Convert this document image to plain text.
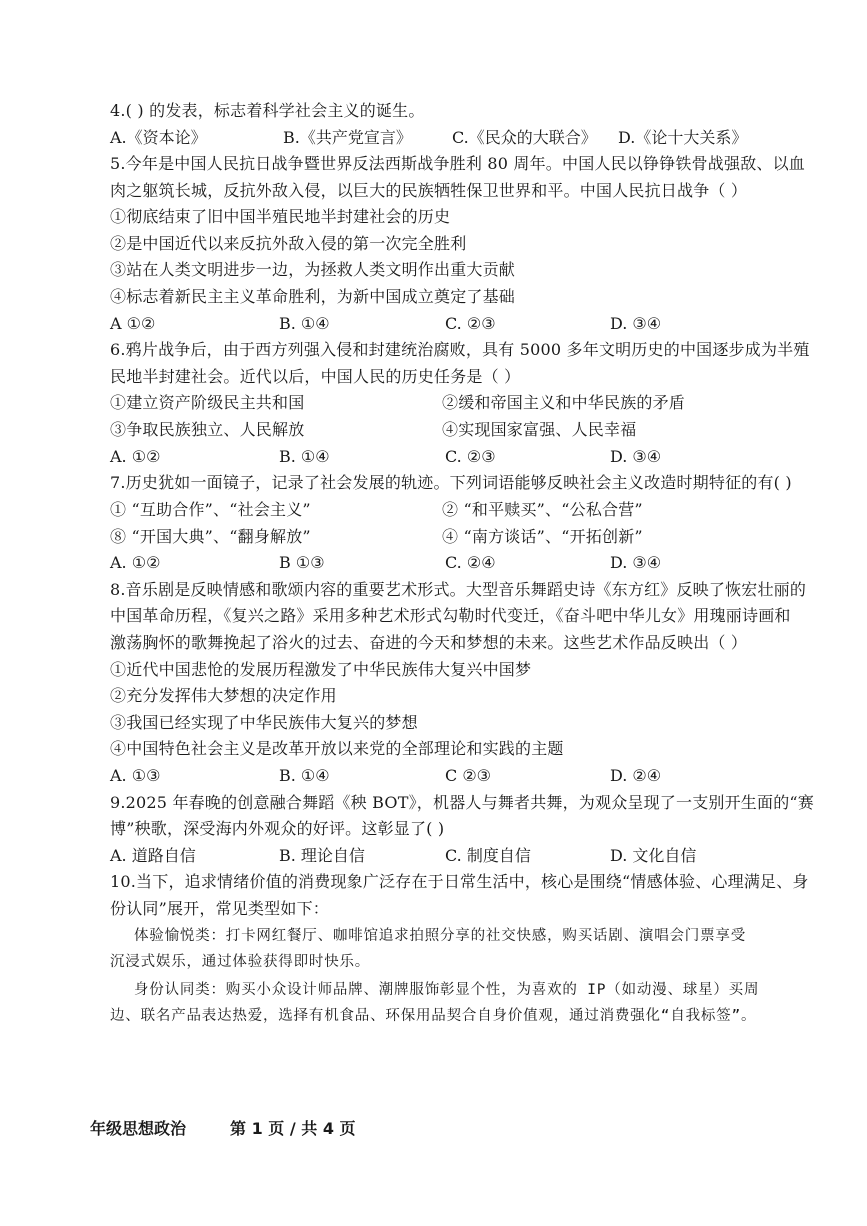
4.( ) 的发表，标志着科学社会主义的诞生。
A.《资本论》	B.《共产党宣言》	C.《民众的大联合》 D.《论十大关系》
5.今年是中国人民抗日战争暨世界反法西斯战争胜利 80 周年。中国人民以铮铮铁骨战强敌、以血
肉之躯筑长城，反抗外敌入侵，以巨大的民族牺牲保卫世界和平。中国人民抗日战争（ ）
①彻底结束了旧中国半殖民地半封建社会的历史
②是中国近代以来反抗外敌入侵的第一次完全胜利
③站在人类文明进步一边，为拯救人类文明作出重大贡献
④标志着新民主主义革命胜利，为新中国成立奠定了基础
A ①②	B. ①④	C. ②③	D. ③④
6.鸦片战争后，由于西方列强入侵和封建统治腐败，具有 5000 多年文明历史的中国逐步成为半殖
民地半封建社会。近代以后，中国人民的历史任务是（ ）
①建立资产阶级民主共和国	②缓和帝国主义和中华民族的矛盾
③争取民族独立、人民解放	④实现国家富强、人民幸福
A. ①②	B. ①④	C. ②③	D. ③④
7.历史犹如一面镜子，记录了社会发展的轨迹。下列词语能够反映社会主义改造时期特征的有( )
① “互助合作”、“社会主义”	② “和平赎买”、“公私合营”
⑧ “开国大典”、“翻身解放”	④ “南方谈话”、“开拓创新”
A. ①②	B ①③	C. ②④	D. ③④
8.音乐剧是反映情感和歌颂内容的重要艺术形式。大型音乐舞蹈史诗《东方红》反映了恢宏壮丽的
中国革命历程，《复兴之路》采用多种艺术形式勾勒时代变迁，《奋斗吧中华儿女》用瑰丽诗画和
激荡胸怀的歌舞挽起了浴火的过去、奋进的今天和梦想的未来。这些艺术作品反映出（ ）
①近代中国悲怆的发展历程激发了中华民族伟大复兴中国梦
②充分发挥伟大梦想的决定作用
③我国已经实现了中华民族伟大复兴的梦想
④中国特色社会主义是改革开放以来党的全部理论和实践的主题
A. ①③	B. ①④	C ②③	D. ②④
9.2025 年春晚的创意融合舞蹈《秧 BOT》，机器人与舞者共舞，为观众呈现了一支别开生面的“赛
博”秧歌，深受海内外观众的好评。这彰显了( )
A. 道路自信	B. 理论自信	C. 制度自信	D. 文化自信
10.当下，追求情绪价值的消费现象广泛存在于日常生活中，核心是围绕“情感体验、心理满足、身
份认同”展开，常见类型如下：
体验愉悦类：打卡网红餐厅、咖啡馆追求拍照分享的社交快感，购买话剧、演唱会门票享受
沉浸式娱乐，通过体验获得即时快乐。
身份认同类：购买小众设计师品牌、潮牌服饰彰显个性，为喜欢的 IP（如动漫、球星）买周
边、联名产品表达热爱，选择有机食品、环保用品契合自身价值观，通过消费强化“自我标签”。
年级思想政治	第 1 页 / 共 4 页
